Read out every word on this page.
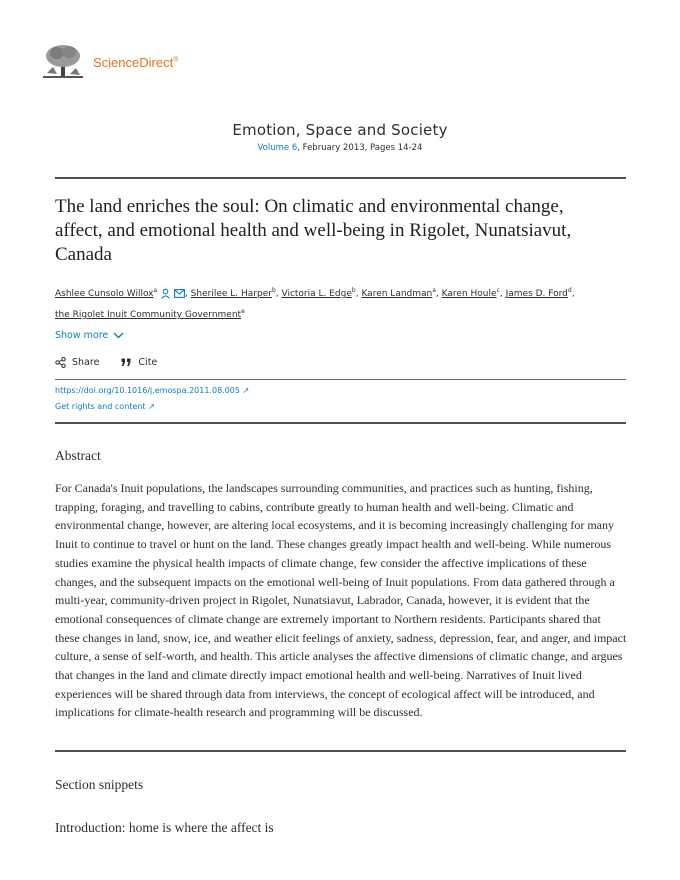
ScienceDirect®
Emotion, Space and Society
Volume 6, February 2013, Pages 14-24
The land enriches the soul: On climatic and environmental change, affect, and emotional health and well-being in Rigolet, Nunatsiavut, Canada
Ashlee Cunsolo Willox$^a$	, Sherilee L. Harper$^b$, Victoria L. Edge$^b$, Karen Landman$^a$, Karen Houle$^c$, James D. Ford$^d$,
the Rigolet Inuit Community Government$^e$
Show more
Share	Cite
https://doi.org/10.1016/j.emospa.2011.08.005 ↗
Get rights and content ↗
Abstract
For Canada's Inuit populations, the landscapes surrounding communities, and practices such as hunting, fishing, trapping, foraging, and travelling to cabins, contribute greatly to human health and well-being. Climatic and environmental change, however, are altering local ecosystems, and it is becoming increasingly challenging for many Inuit to continue to travel or hunt on the land. These changes greatly impact health and well-being. While numerous studies examine the physical health impacts of climate change, few consider the affective implications of these changes, and the subsequent impacts on the emotional well-being of Inuit populations. From data gathered through a multi-year, community-driven project in Rigolet, Nunatsiavut, Labrador, Canada, however, it is evident that the emotional consequences of climate change are extremely important to Northern residents. Participants shared that these changes in land, snow, ice, and weather elicit feelings of anxiety, sadness, depression, fear, and anger, and impact culture, a sense of self-worth, and health. This article analyses the affective dimensions of climatic change, and argues that changes in the land and climate directly impact emotional health and well-being. Narratives of Inuit lived experiences will be shared through data from interviews, the concept of ecological affect will be introduced, and implications for climate-health research and programming will be discussed.
Section snippets
Introduction: home is where the affect is
